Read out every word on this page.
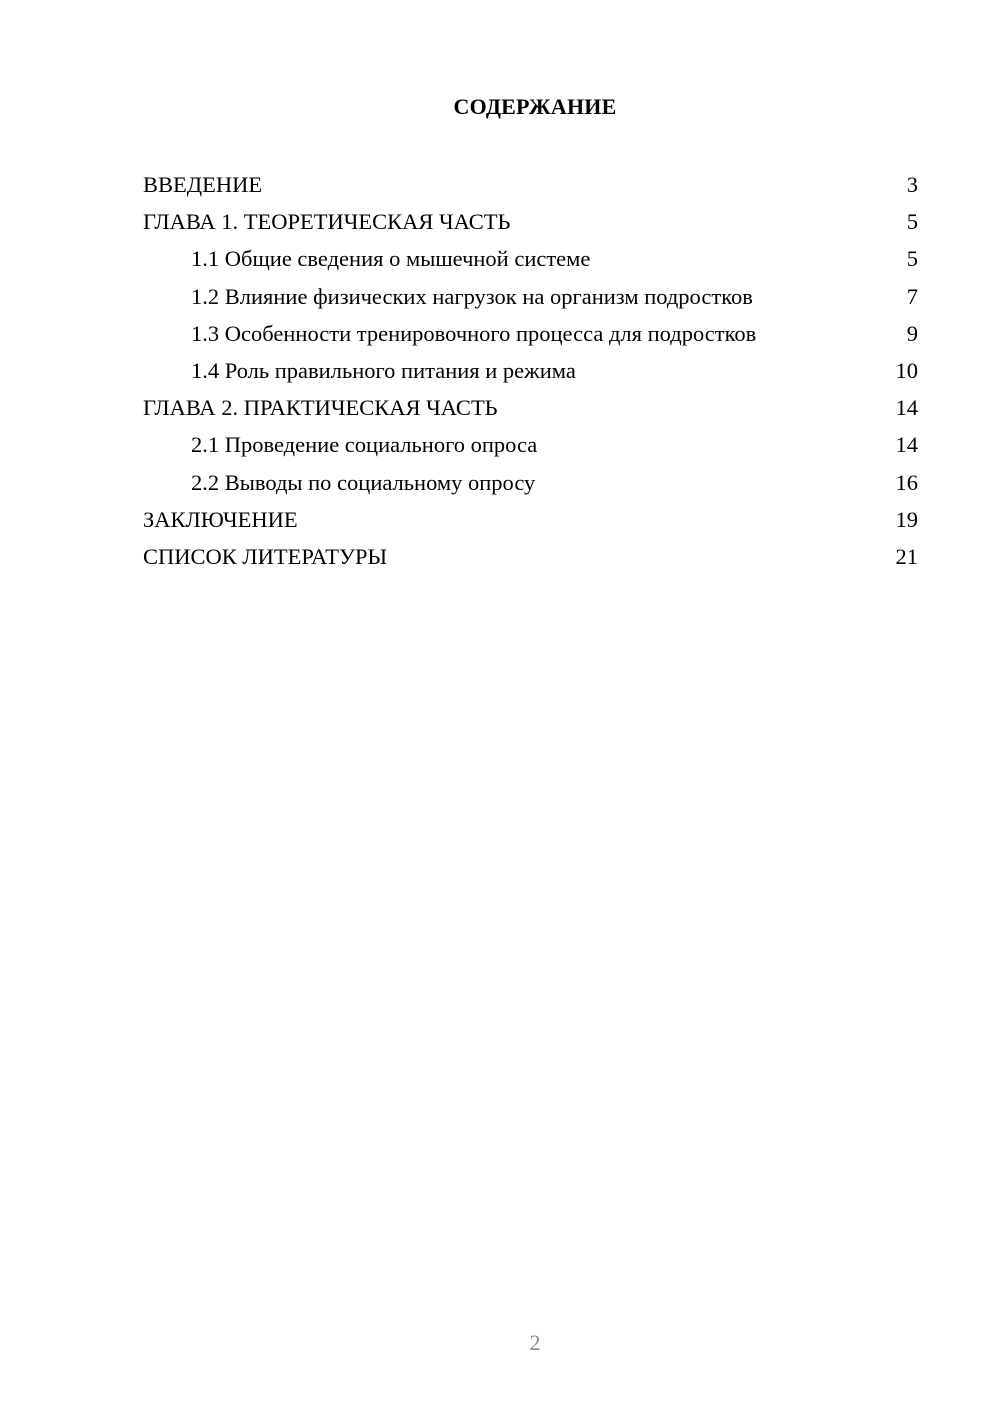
СОДЕРЖАНИЕ
ВВЕДЕНИЕ	3
ГЛАВА 1. ТЕОРЕТИЧЕСКАЯ ЧАСТЬ	5
1.1 Общие сведения о мышечной системе	5
1.2 Влияние физических нагрузок на организм подростков	7
1.3 Особенности тренировочного процесса для подростков	9
1.4 Роль правильного питания и режима	10
ГЛАВА 2. ПРАКТИЧЕСКАЯ ЧАСТЬ	14
2.1 Проведение социального опроса	14
2.2 Выводы по социальному опросу	16
ЗАКЛЮЧЕНИЕ	19
СПИСОК ЛИТЕРАТУРЫ	21
2
